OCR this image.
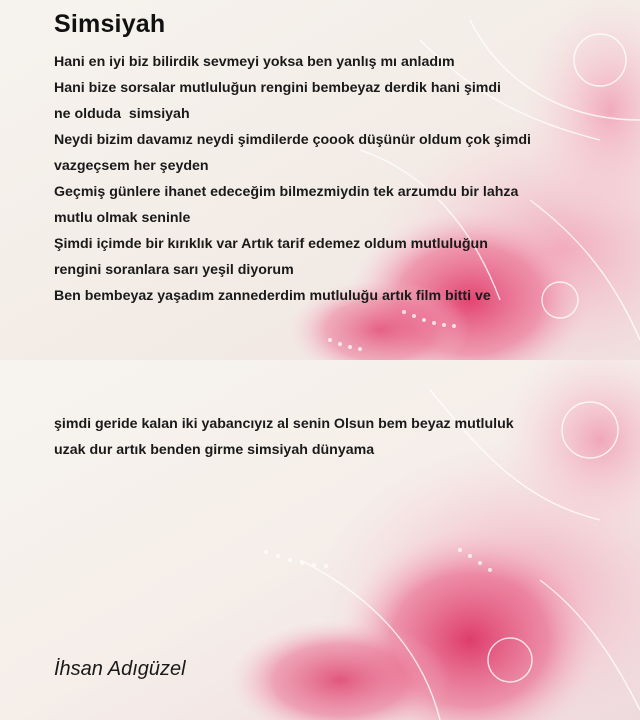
Simsiyah
Hani en iyi biz bilirdik sevmeyi yoksa ben yanlış mı anladım
Hani bize sorsalar mutluluğun rengini bembeyaz derdik hani şimdi
ne olduda  simsiyah
Neydi bizim davamız neydi şimdilerde çoook düşünür oldum çok şimdi
vazgeçsem her şeyden
Geçmiş günlere ihanet edeceğim bilmezmiydin tek arzumdu bir lahza
mutlu olmak seninle
Şimdi içimde bir kırıklık var Artık tarif edemez oldum mutluluğun
rengini soranlara sarı yeşil diyorum
Ben bembeyaz yaşadım zannederdim mutluluğu artık film bitti ve
şimdi geride kalan iki yabancıyız al senin Olsun bem beyaz mutluluk
uzak dur artık benden girme simsiyah dünyama

İhsan Adıgüzel
